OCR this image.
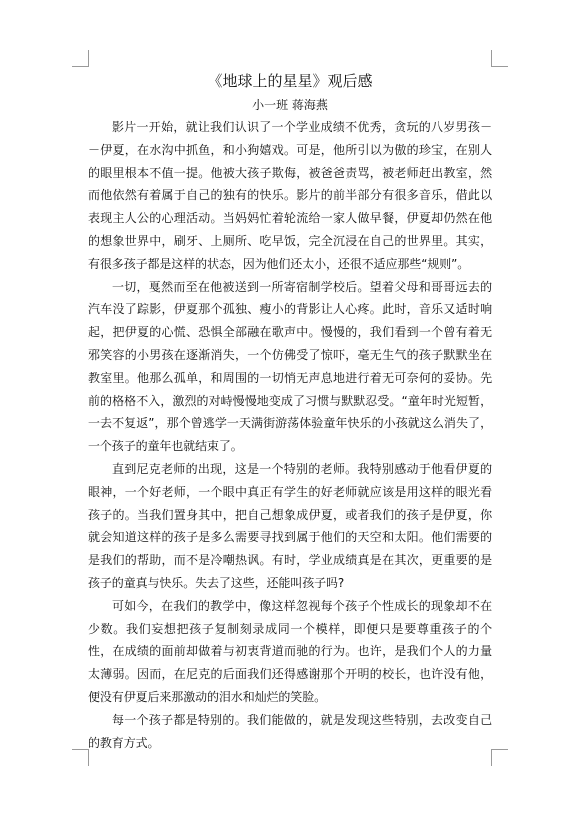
《地球上的星星》观后感

小一班 蒋海燕

影片一开始，就让我们认识了一个学业成绩不优秀，贪玩的八岁男孩－－伊夏，在水沟中抓鱼，和小狗嬉戏。可是，他所引以为傲的珍宝，在别人的眼里根本不值一提。他被大孩子欺侮，被爸爸责骂，被老师赶出教室，然而他依然有着属于自己的独有的快乐。影片的前半部分有很多音乐，借此以表现主人公的心理活动。当妈妈忙着轮流给一家人做早餐，伊夏却仍然在他的想象世界中，刷牙、上厕所、吃早饭，完全沉浸在自己的世界里。其实，有很多孩子都是这样的状态，因为他们还太小，还很不适应那些“规则”。

一切，戛然而至在他被送到一所寄宿制学校后。望着父母和哥哥远去的汽车没了踪影，伊夏那个孤独、瘦小的背影让人心疼。此时，音乐又适时响起，把伊夏的心慌、恐惧全部融在歌声中。慢慢的，我们看到一个曾有着无邪笑容的小男孩在逐渐消失，一个仿佛受了惊吓，毫无生气的孩子默默坐在教室里。他那么孤单，和周围的一切悄无声息地进行着无可奈何的妥协。先前的格格不入，激烈的对峙慢慢地变成了习惯与默默忍受。“童年时光短暂，一去不复返”，那个曾逃学一天满街游荡体验童年快乐的小孩就这么消失了，一个孩子的童年也就结束了。

直到尼克老师的出现，这是一个特别的老师。我特别感动于他看伊夏的眼神，一个好老师，一个眼中真正有学生的好老师就应该是用这样的眼光看孩子的。当我们置身其中，把自己想象成伊夏，或者我们的孩子是伊夏，你就会知道这样的孩子是多么需要寻找到属于他们的天空和太阳。他们需要的是我们的帮助，而不是冷嘲热讽。有时，学业成绩真是在其次，更重要的是孩子的童真与快乐。失去了这些，还能叫孩子吗?

可如今，在我们的教学中，像这样忽视每个孩子个性成长的现象却不在少数。我们妄想把孩子复制刻录成同一个模样，即便只是要尊重孩子的个性，在成绩的面前却做着与初衷背道而驰的行为。也许，是我们个人的力量太薄弱。因而，在尼克的后面我们还得感谢那个开明的校长，也许没有他，便没有伊夏后来那激动的泪水和灿烂的笑脸。

每一个孩子都是特别的。我们能做的，就是发现这些特别，去改变自己的教育方式。
